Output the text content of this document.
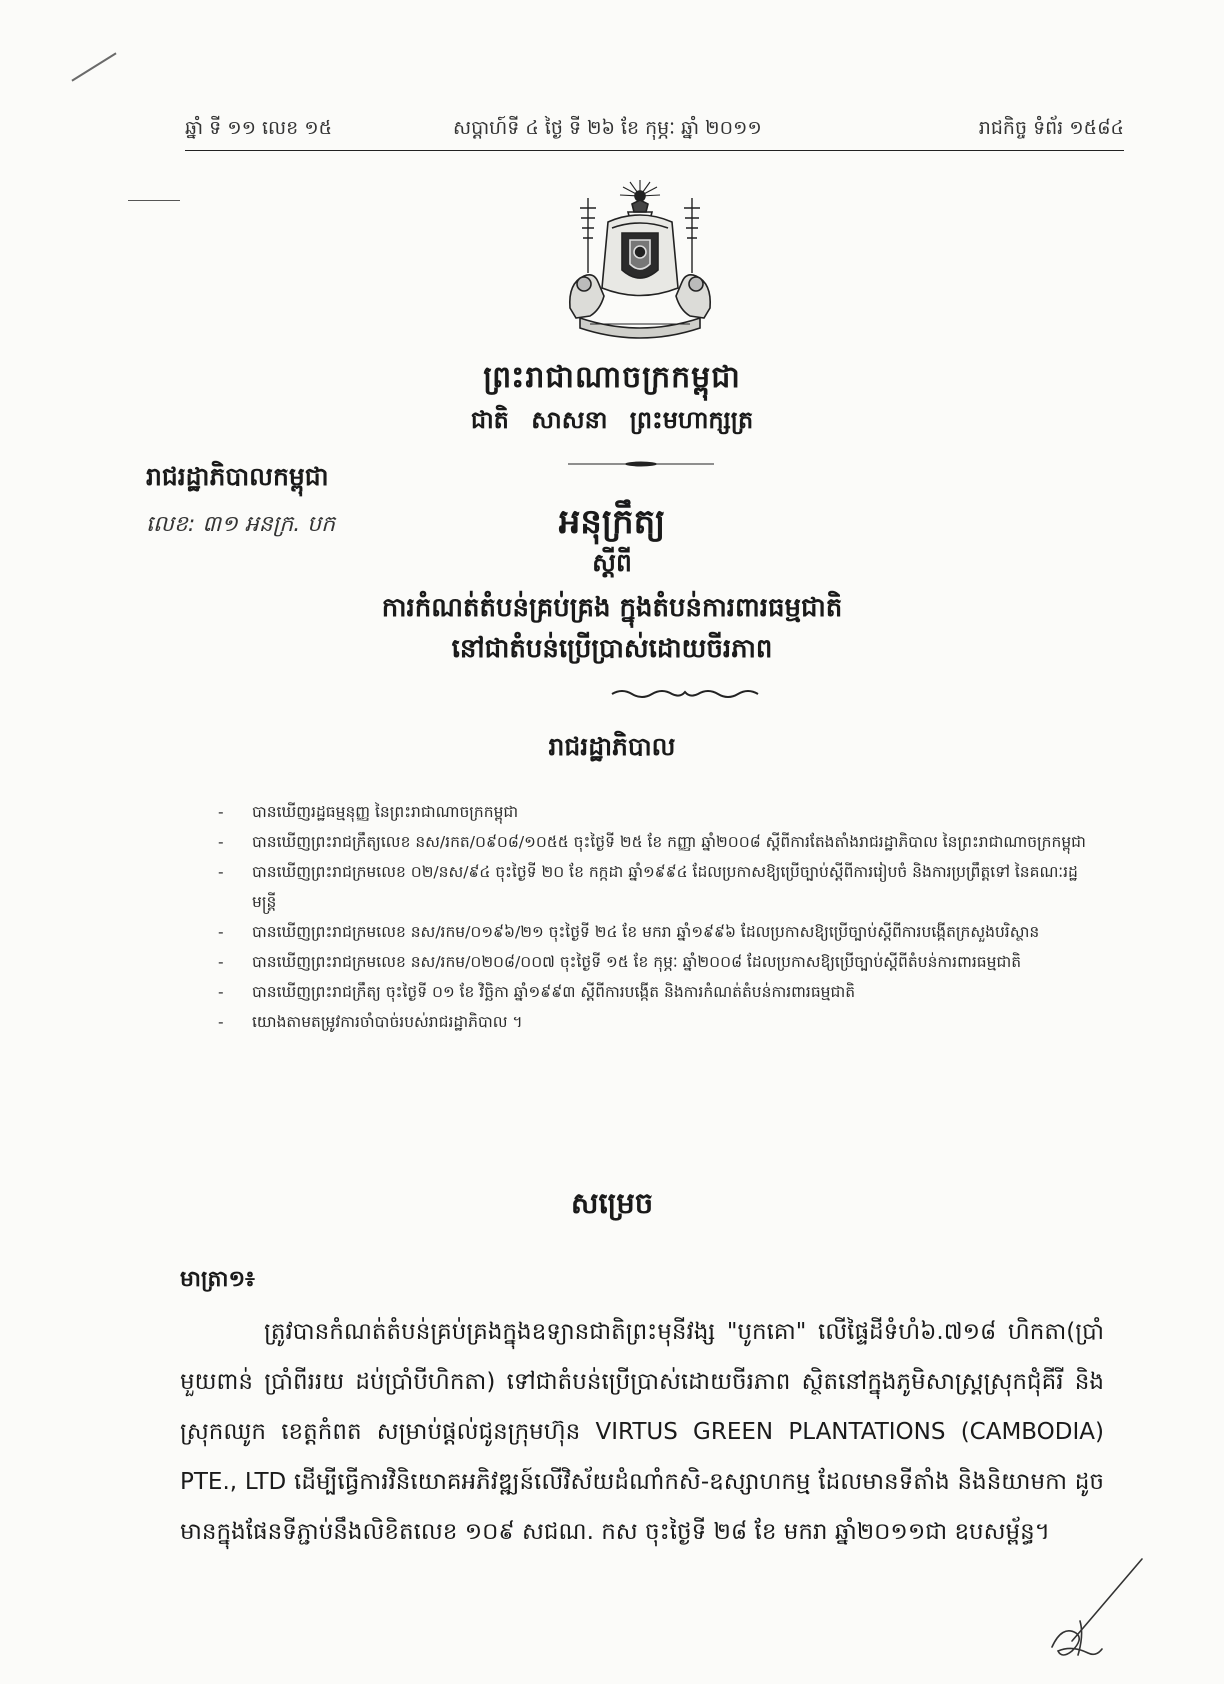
ឆ្នាំ ទី ១១ លេខ ១៥	សប្តាហ៍ទី ៤ ថ្ងៃ ទី ២៦ ខែ កុម្ភៈ ឆ្នាំ ២០១១	រាជកិច្ច ទំព័រ ១៥៨៤
ព្រះរាជាណាចក្រកម្ពុជា
ជាតិ សាសនា ព្រះមហាក្សត្រ
រាជរដ្ឋាភិបាលកម្ពុជា
លេខ: ៣១ អនក្រ. បក	អនុក្រឹត្យ
ស្តីពី
ការកំណត់តំបន់គ្រប់គ្រង ក្នុងតំបន់ការពារធម្មជាតិ
នៅជាតំបន់ប្រើប្រាស់ដោយចីរភាព
រាជរដ្ឋាភិបាល
- បានឃើញរដ្ឋធម្មនុញ្ញ នៃព្រះរាជាណាចក្រកម្ពុជា
- បានឃើញព្រះរាជក្រឹត្យលេខ នស/រកត/០៩០៨/១០៥៥ ចុះថ្ងៃទី ២៥ ខែ កញ្ញា ឆ្នាំ២០០៨ ស្តីពីការតែងតាំងរាជរដ្ឋាភិបាល នៃព្រះរាជាណាចក្រកម្ពុជា
- បានឃើញព្រះរាជក្រមលេខ ០២/នស/៩៤ ចុះថ្ងៃទី ២០ ខែ កក្កដា ឆ្នាំ១៩៩៤ ដែលប្រកាសឱ្យប្រើច្បាប់ស្តីពីការរៀបចំ និងការប្រព្រឹត្តទៅ នៃគណៈរដ្ឋមន្ត្រី
- បានឃើញព្រះរាជក្រមលេខ នស/រកម/០១៩៦/២១ ចុះថ្ងៃទី ២៤ ខែ មករា ឆ្នាំ១៩៩៦ ដែលប្រកាសឱ្យប្រើច្បាប់ស្តីពីការបង្កើតក្រសួងបរិស្ថាន
- បានឃើញព្រះរាជក្រមលេខ នស/រកម/០២០៨/០០៧ ចុះថ្ងៃទី ១៥ ខែ កុម្ភៈ ឆ្នាំ២០០៨ ដែលប្រកាសឱ្យប្រើច្បាប់ស្តីពីតំបន់ការពារធម្មជាតិ
- បានឃើញព្រះរាជក្រឹត្យ ចុះថ្ងៃទី ០១ ខែ វិច្ឆិកា ឆ្នាំ១៩៩៣ ស្តីពីការបង្កើត និងការកំណត់តំបន់ការពារធម្មជាតិ
- យោងតាមតម្រូវការចាំបាច់របស់រាជរដ្ឋាភិបាល ។
សម្រេច
មាត្រា១៖

ត្រូវបានកំណត់តំបន់គ្រប់គ្រងក្នុងឧទ្យានជាតិព្រះមុនីវង្ស "បូកគោ" លើផ្ទៃដីទំហំ៦.៧១៨ ហិកតា(ប្រាំមួយពាន់ ប្រាំពីររយ ដប់ប្រាំបីហិកតា) ទៅជាតំបន់ប្រើប្រាស់ដោយចីរភាព ស្ថិតនៅក្នុងភូមិសាស្ត្រស្រុកជុំគីរី និងស្រុកឈូក ខេត្តកំពត សម្រាប់ផ្តល់ជូនក្រុមហ៊ុន VIRTUS GREEN PLANTATIONS (CAMBODIA) PTE., LTD ដើម្បីធ្វើការវិនិយោគអភិវឌ្ឍន៍លើវិស័យដំណាំកសិ-ឧស្សាហកម្ម ដែលមានទីតាំង និងនិយាមកា ដូចមានក្នុងផែនទីភ្ជាប់នឹងលិខិតលេខ ១០៩ សជណ. កស ចុះថ្ងៃទី ២៨ ខែ មករា ឆ្នាំ២០១១ជា ឧបសម្ព័ន្ធ។
